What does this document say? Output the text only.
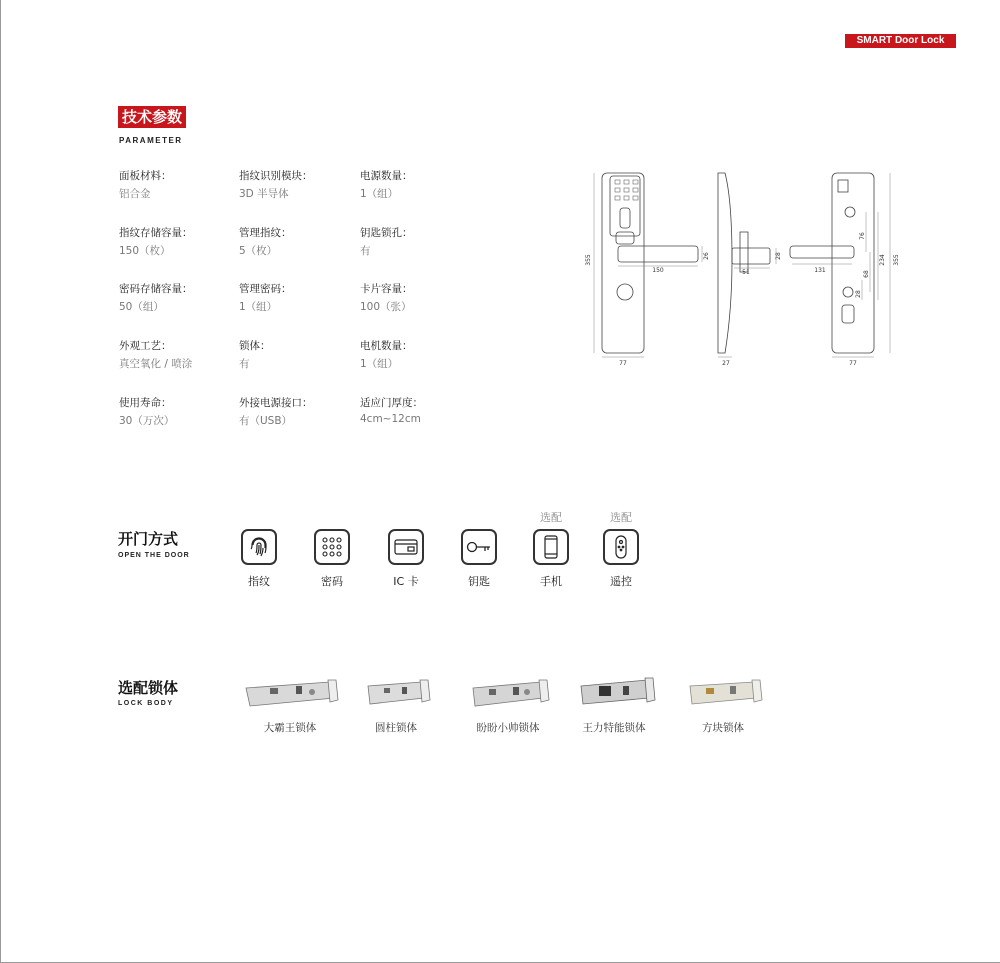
SMART Door Lock
技术参数
PARAMETER
面板材料：
铝合金
指纹识别模块：
3D 半导体
电源数量：
1（组）
指纹存储容量：
150（枚）
管理指纹：
5（枚）
钥匙锁孔：
有
密码存储容量：
50（组）
管理密码：
1（组）
卡片容量：
100（张）
外观工艺：
真空氧化 / 喷涂
锁体：
有
电机数量：
1（组）
使用寿命：
30（万次）
外接电源接口：
有（USB）
适应门厚度：
4cm~12cm
355
150
26
77
28
51
27
131
76
68
28
234 355
77
开门方式
OPEN THE DOOR
指纹	密码	IC 卡	钥匙
选配
手机
选配
遥控
选配锁体
LOCK BODY
大霸王锁体	圆柱锁体	盼盼小帅锁体	王力特能锁体	方块锁体
